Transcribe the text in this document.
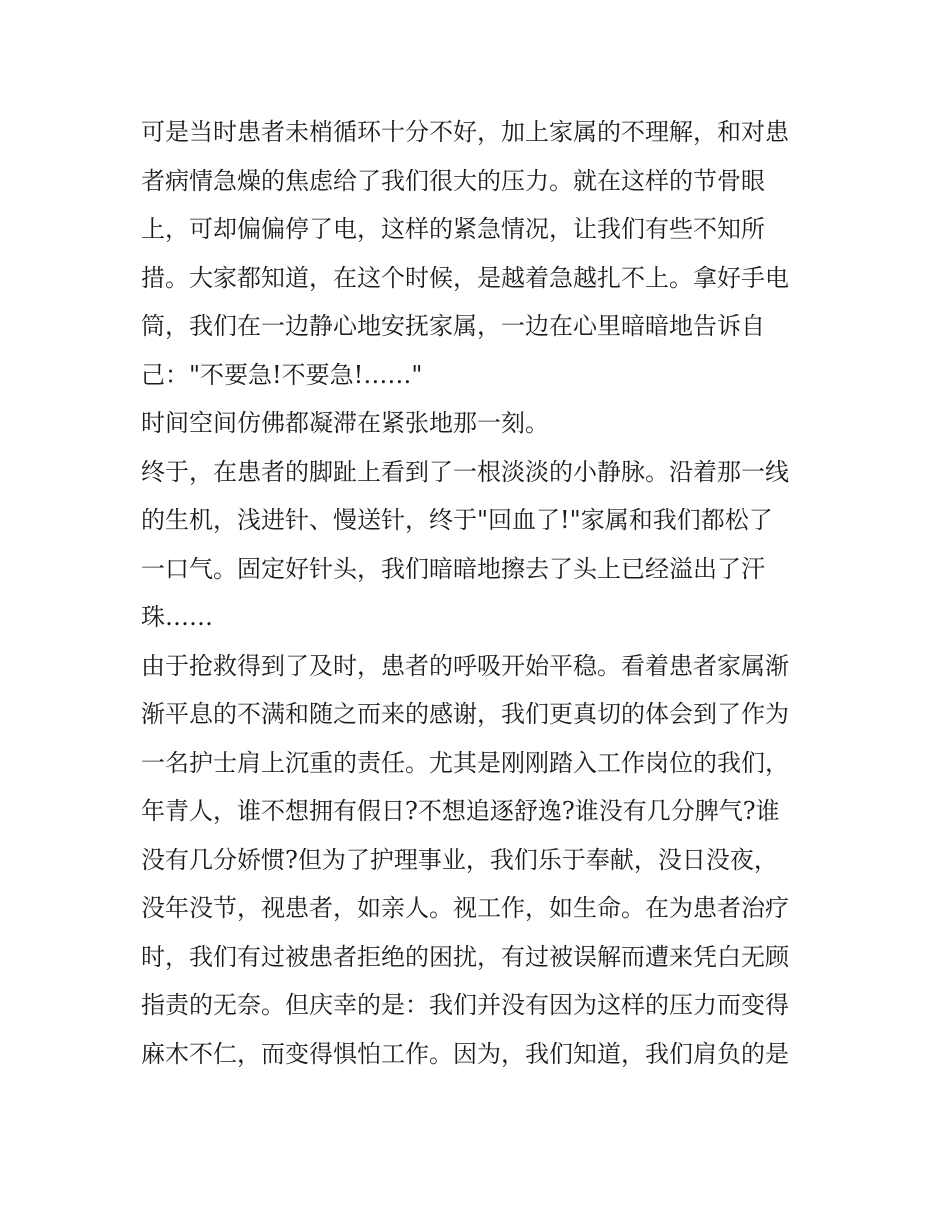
可是当时患者未梢循环十分不好，加上家属的不理解，和对患
者病情急燥的焦虑给了我们很大的压力。就在这样的节骨眼
上，可却偏偏停了电，这样的紧急情况，让我们有些不知所
措。大家都知道，在这个时候，是越着急越扎不上。拿好手电
筒，我们在一边静心地安抚家属，一边在心里暗暗地告诉自
己："不要急!不要急!……"
时间空间仿佛都凝滞在紧张地那一刻。
终于，在患者的脚趾上看到了一根淡淡的小静脉。沿着那一线
的生机，浅进针、慢送针，终于"回血了!"家属和我们都松了
一口气。固定好针头，我们暗暗地擦去了头上已经溢出了汗
珠……
由于抢救得到了及时，患者的呼吸开始平稳。看着患者家属渐
渐平息的不满和随之而来的感谢，我们更真切的体会到了作为
一名护士肩上沉重的责任。尤其是刚刚踏入工作岗位的我们，
年青人，谁不想拥有假日?不想追逐舒逸?谁没有几分脾气?谁
没有几分娇惯?但为了护理事业，我们乐于奉献，没日没夜，
没年没节，视患者，如亲人。视工作，如生命。在为患者治疗
时，我们有过被患者拒绝的困扰，有过被误解而遭来凭白无顾
指责的无奈。但庆幸的是：我们并没有因为这样的压力而变得
麻木不仁，而变得惧怕工作。因为，我们知道，我们肩负的是
